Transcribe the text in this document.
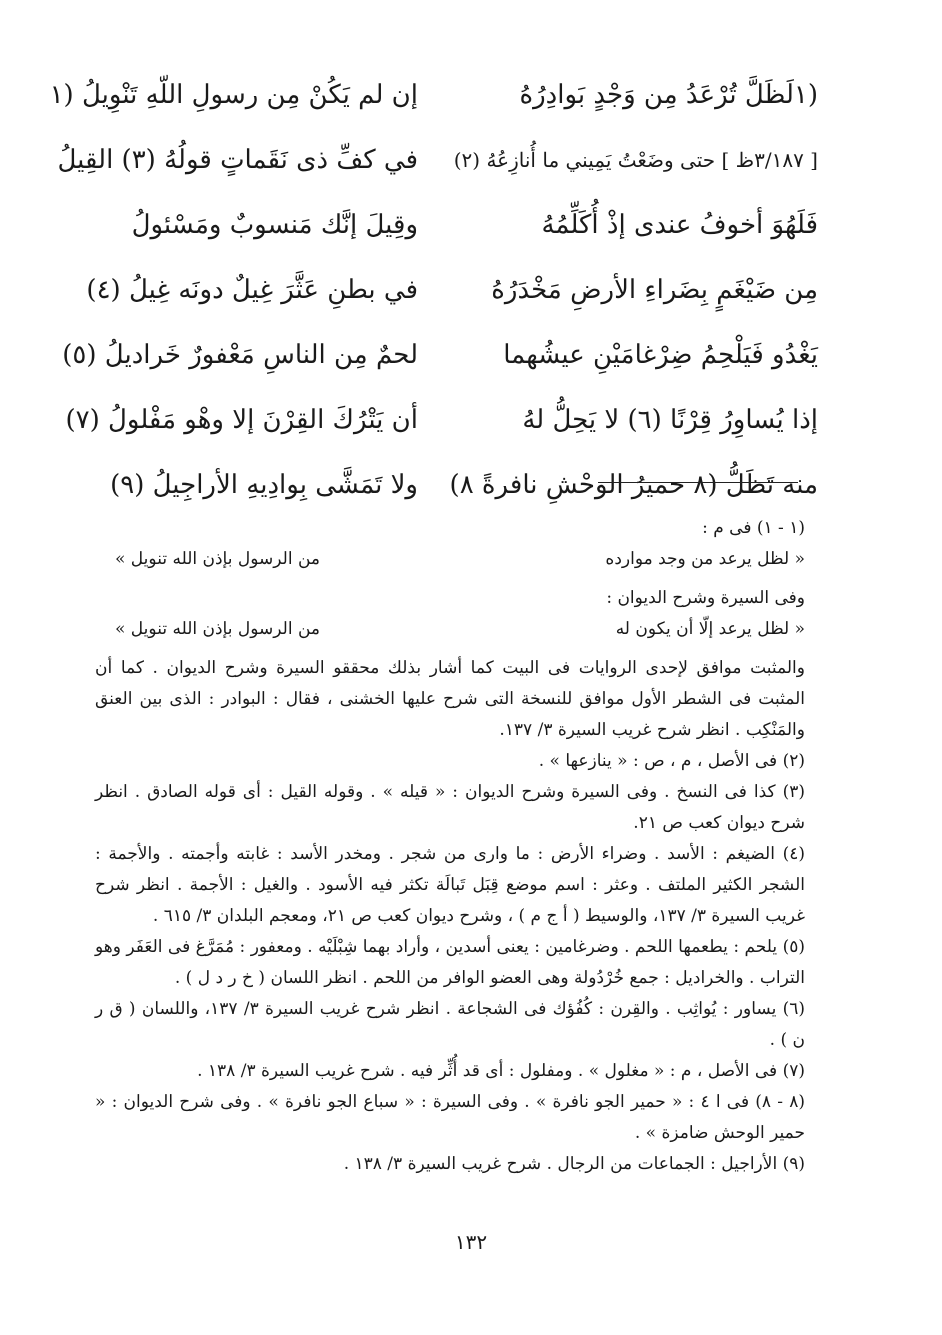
(١لَظَلَّ تُرْعَدُ مِن وَجْدٍ بَوادِرُهُ
إن لم يَكُنْ مِن رسولِ اللّهِ تَنْوِيلُ (١
[ ٣/١٨٧ظ ] حتى وضَعْتُ يَمِيني ما أُنازِعُهُ (٢)
في كفِّ ذى نَقَماتٍ قولُهُ (٣) القِيلُ
فَلَهُوَ أخوفُ عندى إذْ أُكَلِّمُهُ
وقِيلَ إنَّك مَنسوبٌ ومَسْئولُ
مِن ضَيْغَمٍ بِضَراءِ الأرضِ مَخْدَرُهُ
في بطنِ عَثَّرَ غِيلٌ دونَه غِيلُ (٤)
يَغْدُو فَيَلْحِمُ ضِرْغامَيْنِ عيشُهما
لحمٌ مِن الناسِ مَعْفورٌ خَراديلُ (٥)
إذا يُساوِرُ قِرْنًا (٦) لا يَحِلُّ لهُ
أن يَتْرُكَ القِرْنَ إلا وهْو مَفْلولُ (٧)
منه تَظَلُّ (٨ حميرُ الوحْشِ نافرةً ٨)
ولا تَمَشَّى بِوادِيهِ الأراجِيلُ (٩)
(١ - ١) فى م :
« لظل يرعد من وجد موارده
من الرسول بإذن الله تنويل »
وفى السيرة وشرح الديوان :
« لظل يرعد إلّا أن يكون له
من الرسول بإذن الله تنويل »
والمثبت موافق لإحدى الروايات فى البيت كما أشار بذلك محققو السيرة وشرح الديوان . كما أن المثبت فى الشطر الأول موافق للنسخة التى شرح عليها الخشنى ، فقال : البوادر : الذى بين العنق والمَنْكِب . انظر شرح غريب السيرة ٣/ ١٣٧.
(٢) فى الأصل ، م ، ص : « ينازعها » .
(٣) كذا فى النسخ . وفى السيرة وشرح الديوان : « قيله » . وقوله القيل : أى قوله الصادق . انظر شرح ديوان كعب ص ٢١.
(٤) الضيغم : الأسد . وضراء الأرض : ما وارى من شجر . ومخدر الأسد : غابته وأجمته . والأجمة : الشجر الكثير الملتف . وعثر : اسم موضع قِبَل تَبالَة تكثر فيه الأسود . والغيل : الأجمة . انظر شرح غريب السيرة ٣/ ١٣٧، والوسيط ( أ ج م ) ، وشرح ديوان كعب ص ٢١، ومعجم البلدان ٣/ ٦١٥ .
(٥) يلحم : يطعمها اللحم . وضرغامين : يعنى أسدين ، وأراد بهما شِبْلَيْه . ومعفور : مُمَرَّغ فى العَفَر وهو التراب . والخراديل : جمع خُرْدُولة وهى العضو الوافر من اللحم . انظر اللسان ( خ ر د ل ) .
(٦) يساور : يُواثِب . والقِرن : كُفُؤك فى الشجاعة . انظر شرح غريب السيرة ٣/ ١٣٧، واللسان ( ق ر ن ) .
(٧) فى الأصل ، م : « مغلول » . ومفلول : أى قد أُثِّر فيه . شرح غريب السيرة ٣/ ١٣٨ .
(٨ - ٨) فى ا ٤ : « حمير الجو نافرة » . وفى السيرة : « سباع الجو نافرة » . وفى شرح الديوان : « حمير الوحش ضامزة » .
(٩) الأراجيل : الجماعات من الرجال . شرح غريب السيرة ٣/ ١٣٨ .
١٣٢
